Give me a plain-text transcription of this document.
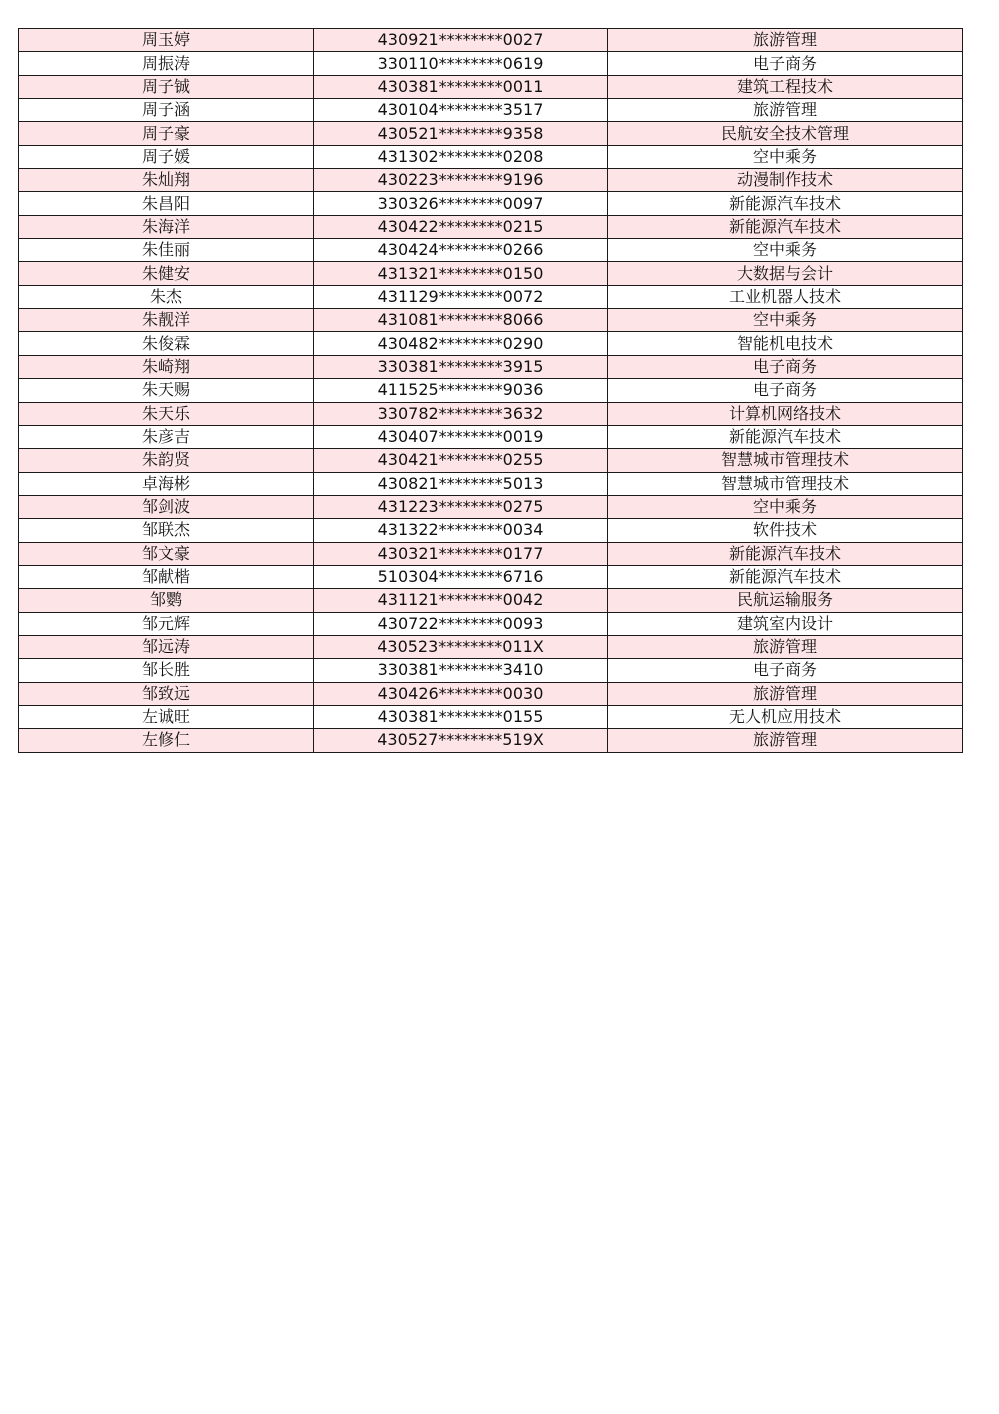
周玉婷	430921********0027	旅游管理
周振涛	330110********0619	电子商务
周子铖	430381********0011	建筑工程技术
周子涵	430104********3517	旅游管理
周子豪	430521********9358	民航安全技术管理
周子媛	431302********0208	空中乘务
朱灿翔	430223********9196	动漫制作技术
朱昌阳	330326********0097	新能源汽车技术
朱海洋	430422********0215	新能源汽车技术
朱佳丽	430424********0266	空中乘务
朱健安	431321********0150	大数据与会计
朱杰	431129********0072	工业机器人技术
朱靓洋	431081********8066	空中乘务
朱俊霖	430482********0290	智能机电技术
朱崎翔	330381********3915	电子商务
朱天赐	411525********9036	电子商务
朱天乐	330782********3632	计算机网络技术
朱彦吉	430407********0019	新能源汽车技术
朱韵贤	430421********0255	智慧城市管理技术
卓海彬	430821********5013	智慧城市管理技术
邹剑波	431223********0275	空中乘务
邹联杰	431322********0034	软件技术
邹文豪	430321********0177	新能源汽车技术
邹献楷	510304********6716	新能源汽车技术
邹鹦	431121********0042	民航运输服务
邹元辉	430722********0093	建筑室内设计
邹远涛	430523********011X	旅游管理
邹长胜	330381********3410	电子商务
邹致远	430426********0030	旅游管理
左诚旺	430381********0155	无人机应用技术
左修仁	430527********519X	旅游管理
